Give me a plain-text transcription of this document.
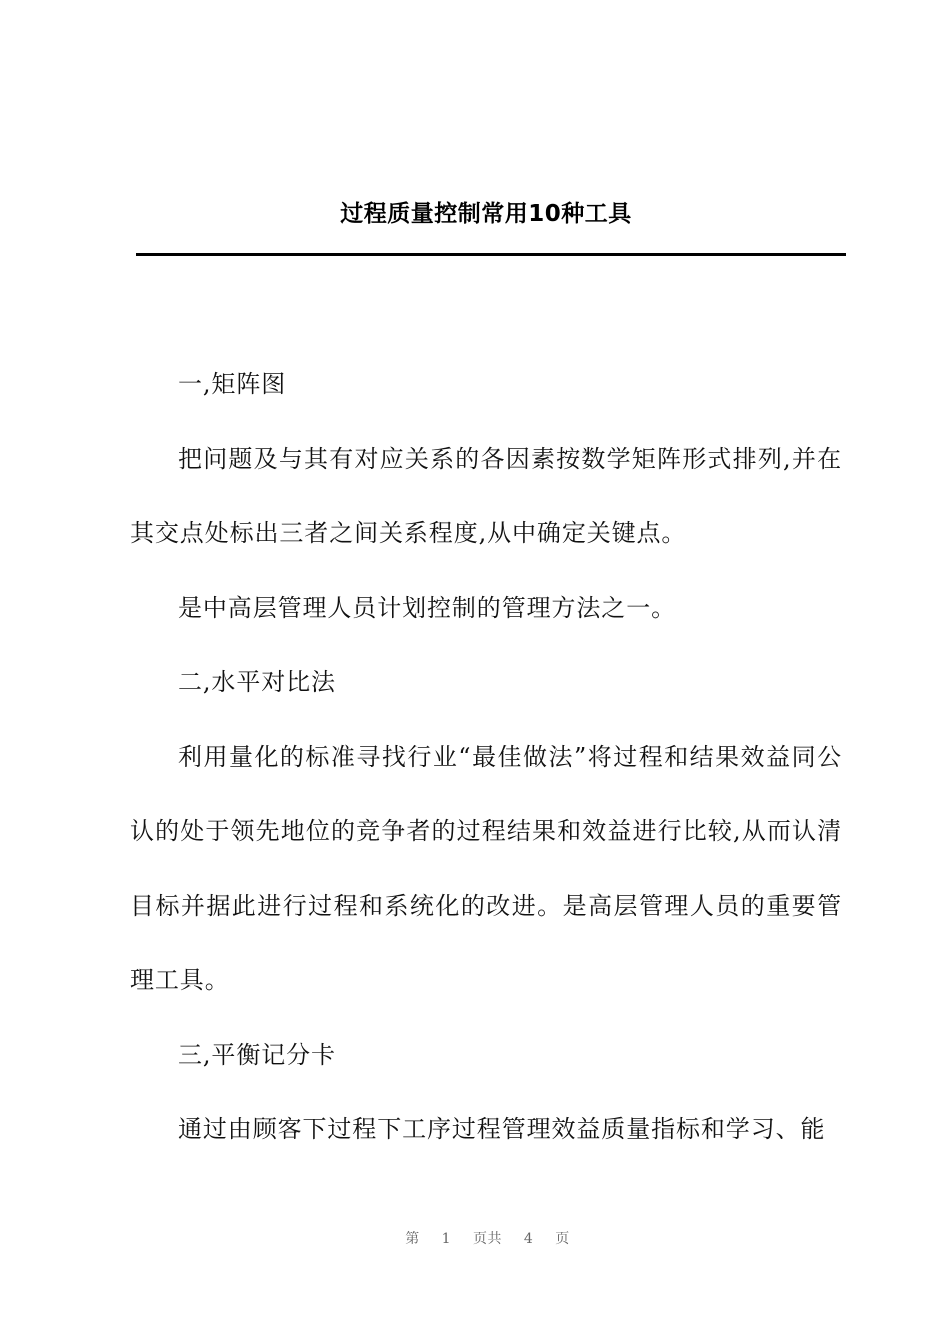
过程质量控制常用10种工具

一,矩阵图

把问题及与其有对应关系的各因素按数学矩阵形式排列,并在其交点处标出三者之间关系程度,从中确定关键点。

是中高层管理人员计划控制的管理方法之一。

二,水平对比法

利用量化的标准寻找行业“最佳做法”将过程和结果效益同公认的处于领先地位的竞争者的过程结果和效益进行比较,从而认清目标并据此进行过程和系统化的改进。是高层管理人员的重要管理工具。

三,平衡记分卡

通过由顾客下过程下工序过程管理效益质量指标和学习、能

第 1 页共 4 页
